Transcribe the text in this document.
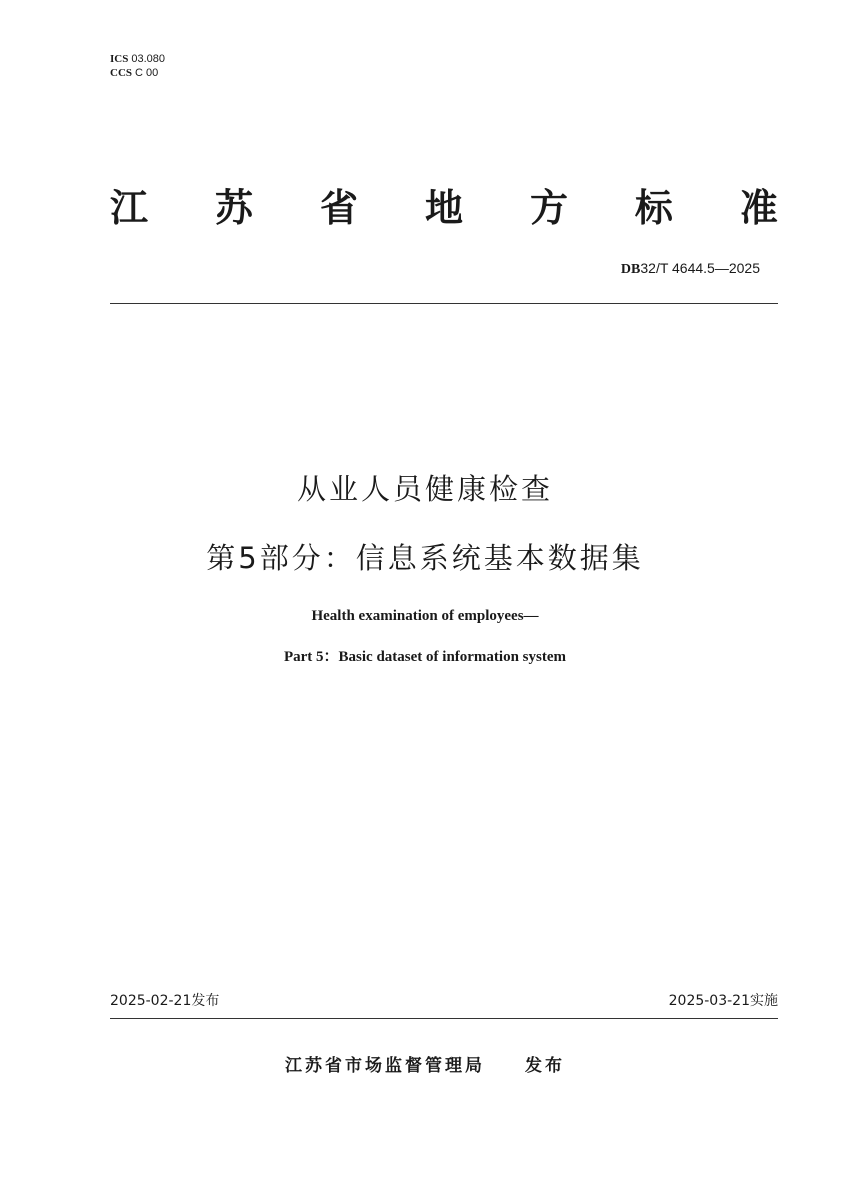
ICS 03.080
CCS C 00
江 苏 省 地 方 标 准
DB32/T 4644.5—2025
从业人员健康检查
第5部分：信息系统基本数据集
Health examination of employees—
Part 5：Basic dataset of information system
2025-02-21发布	2025-03-21实施
江苏省市场监督管理局 发布
